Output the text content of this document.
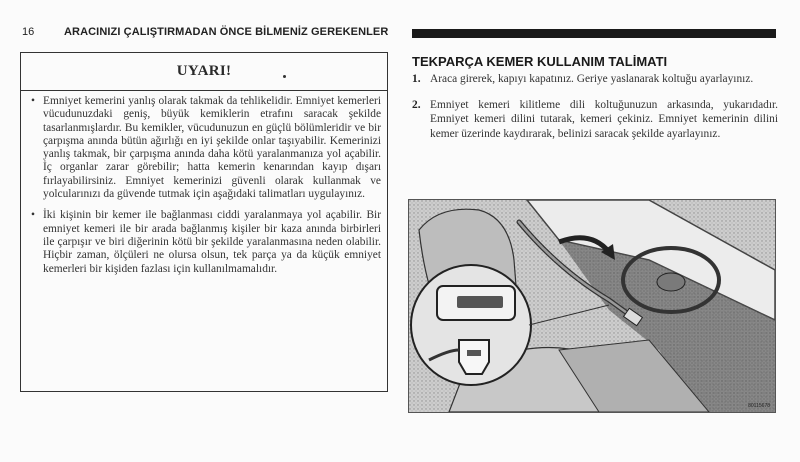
16	ARACINIZI ÇALIŞTIRMADAN ÖNCE BİLMENİZ GEREKENLER
UYARI!
• Emniyet kemerini yanlış olarak takmak da tehlikelidir. Emniyet kemerleri vücudunuzdaki geniş, büyük kemiklerin etrafını saracak şekilde tasarlanmışlardır. Bu kemikler, vücudunuzun en güçlü bölümleridir ve bir çarpışma anında bütün ağırlığı en iyi şekilde onlar taşıyabilir. Kemerinizi yanlış takmak, bir çarpışma anında daha kötü yaralanmanıza yol açabilir. İç organlar zarar görebilir; hatta kemerin kenarından kayıp dışarı fırlayabilirsiniz. Emniyet kemerinizi güvenli olarak kullanmak ve yolcularınızı da güvende tutmak için aşağıdaki talimatları uygulayınız.
• İki kişinin bir kemer ile bağlanması ciddi yaralanmaya yol açabilir. Bir emniyet kemeri ile bir arada bağlanmış kişiler bir kaza anında birbirleri ile çarpışır ve biri diğerinin kötü bir şekilde yaralanmasına neden olabilir. Hiçbir zaman, ölçüleri ne olursa olsun, tek parça ya da küçük emniyet kemerleri bir kişiden fazlası için kullanılmamalıdır.
TEKPARÇA KEMER KULLANIM TALİMATI
1. Araca girerek, kapıyı kapatınız. Geriye yaslanarak koltuğu ayarlayınız.
2. Emniyet kemeri kilitleme dili koltuğunuzun arkasında, yukarıdadır. Emniyet kemeri dilini tutarak, kemeri çekiniz. Emniyet kemerinin dilini kemer üzerinde kaydırarak, belinizi saracak şekilde ayarlayınız.
80115678
